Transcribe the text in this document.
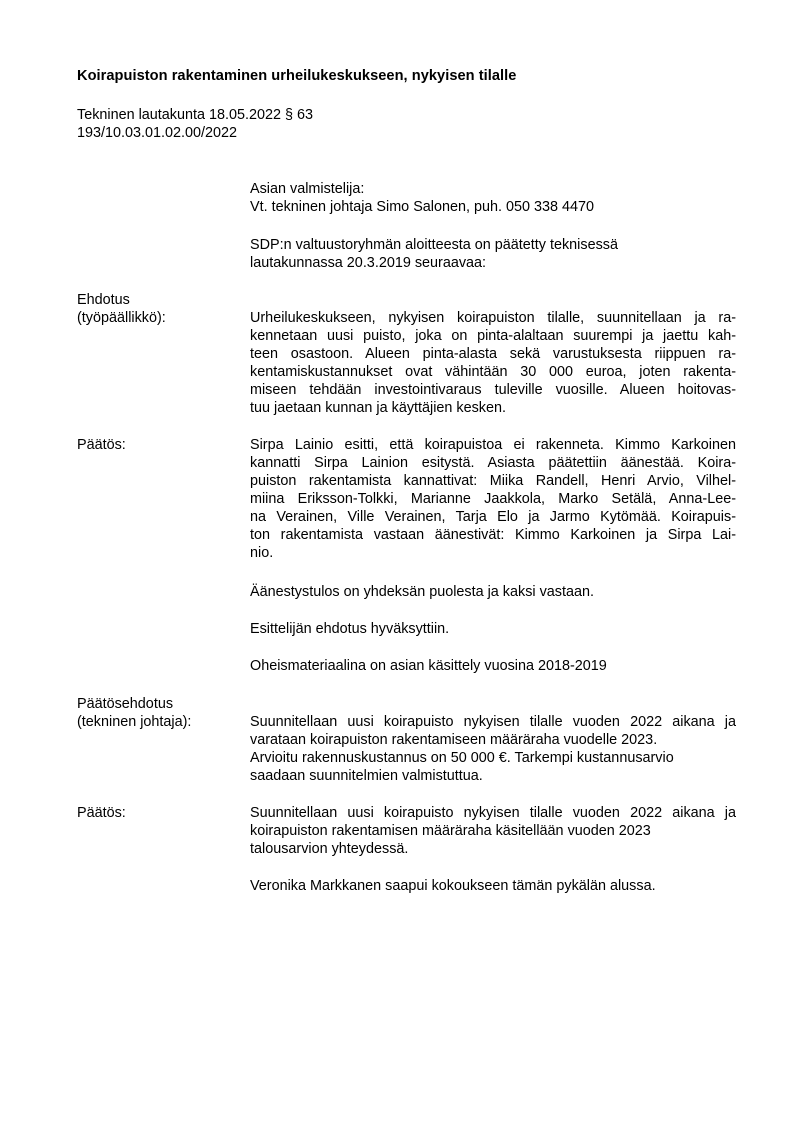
Koirapuiston rakentaminen urheilukeskukseen, nykyisen tilalle
Tekninen lautakunta 18.05.2022 § 63
193/10.03.01.02.00/2022
Asian valmistelija:
Vt. tekninen johtaja Simo Salonen, puh. 050 338 4470
SDP:n valtuustoryhmän aloitteesta on päätetty teknisessä
lautakunnassa 20.3.2019 seuraavaa:
Ehdotus
(työpäällikkö):	Urheilukeskukseen, nykyisen koirapuiston tilalle, suunnitellaan ja ra-
kennetaan uusi puisto, joka on pinta-alaltaan suurempi ja jaettu kah-
teen osastoon. Alueen pinta-alasta sekä varustuksesta riippuen ra-
kentamiskustannukset ovat vähintään 30 000 euroa, joten rakenta-
miseen tehdään investointivaraus tuleville vuosille. Alueen hoitovas-
tuu jaetaan kunnan ja käyttäjien kesken.
Päätös:	Sirpa Lainio esitti, että koirapuistoa ei rakenneta. Kimmo Karkoinen
kannatti Sirpa Lainion esitystä. Asiasta päätettiin äänestää. Koira-
puiston rakentamista kannattivat: Miika Randell, Henri Arvio, Vilhel-
miina Eriksson-Tolkki, Marianne Jaakkola, Marko Setälä, Anna-Lee-
na Verainen, Ville Verainen, Tarja Elo ja Jarmo Kytömää. Koirapuis-
ton rakentamista vastaan äänestivät: Kimmo Karkoinen ja Sirpa Lai-
nio.
Äänestystulos on yhdeksän puolesta ja kaksi vastaan.
Esittelijän ehdotus hyväksyttiin.
Oheismateriaalina on asian käsittely vuosina 2018-2019
Päätösehdotus
(tekninen johtaja):	Suunnitellaan uusi koirapuisto nykyisen tilalle vuoden 2022 aikana ja
varataan koirapuiston rakentamiseen määräraha vuodelle 2023.
Arvioitu rakennuskustannus on 50 000 €. Tarkempi kustannusarvio
saadaan suunnitelmien valmistuttua.
Päätös:	Suunnitellaan uusi koirapuisto nykyisen tilalle vuoden 2022 aikana ja
koirapuiston rakentamisen määräraha käsitellään vuoden 2023
talousarvion yhteydessä.
Veronika Markkanen saapui kokoukseen tämän pykälän alussa.
